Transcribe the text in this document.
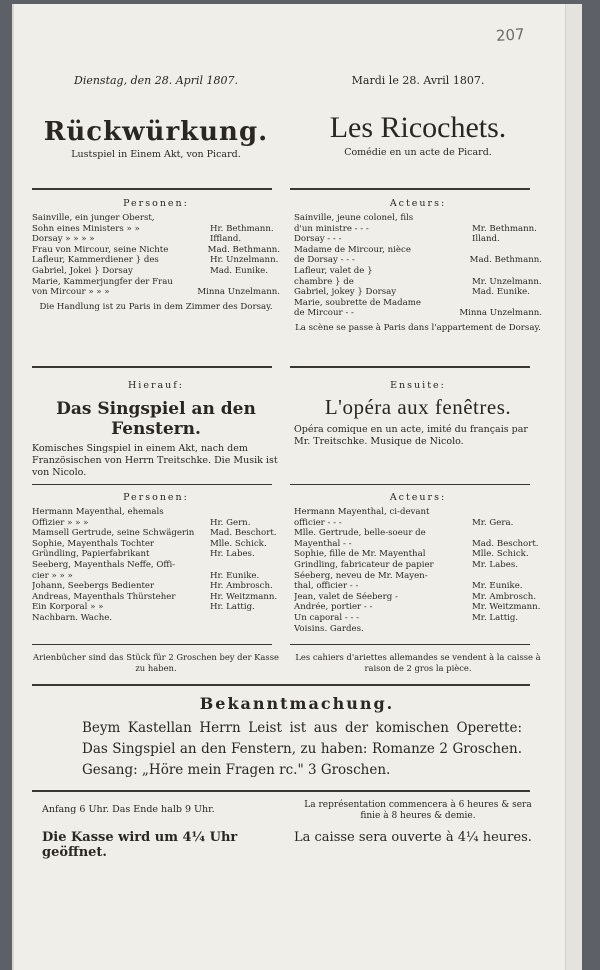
207
Dienstag, den 28. April 1807.
Rückwürkung.
Lustspiel in Einem Akt, von Picard.
Personen:
Sainville, ein junger Oberst,
Sohn eines Ministers » »	Hr. Bethmann.
Dorsay » » » »	Iffland.
Frau von Mircour, seine Nichte	Mad. Bethmann.
Lafleur, Kammerdiener } des	Hr. Unzelmann.
Gabriel, Jokei } Dorsay	Mad. Eunike.
Marie, Kammerjungfer der Frau
von Mircour » » »	Minna Unzelmann.
Die Handlung ist zu Paris in dem Zimmer des Dorsay.
Mardi le 28. Avril 1807.
Les Ricochets.
Comédie en un acte de Picard.
Acteurs:
Sainville, jeune colonel, fils
d'un ministre - - -	Mr. Bethmann.
Dorsay - - -	Illand.
Madame de Mircour, nièce
de Dorsay - - -	Mad. Bethmann.
Lafleur, valet de }
chambre } de	Mr. Unzelmann.
Gabriel, jokey } Dorsay	Mad. Eunike.
Marie, soubrette de Madame
de Mircour - -	Minna Unzelmann.
La scène se passe à Paris dans l'appartement de Dorsay.
Hierauf:
Das Singspiel an den Fenstern.
Komisches Singspiel in einem Akt, nach dem Französischen von Herrn Treitschke. Die Musik ist von Nicolo.
Ensuite:
L'opéra aux fenêtres.
Opéra comique en un acte, imité du français par Mr. Treitschke. Musique de Nicolo.
Personen:
Hermann Mayenthal, ehemals
Offizier » » »	Hr. Gern.
Mamsell Gertrude, seine Schwägerin	Mad. Beschort.
Sophie, Mayenthals Tochter	Mlle. Schick.
Gründling, Papierfabrikant	Hr. Labes.
Seeberg, Mayenthals Neffe, Offi-
cier » » »	Hr. Eunike.
Johann, Seebergs Bedienter	Hr. Ambrosch.
Andreas, Mayenthals Thürsteher	Hr. Weitzmann.
Ein Korporal » »	Hr. Lattig.
Nachbarn. Wache.
Acteurs:
Hermann Mayenthal, ci-devant
officier - - -	Mr. Gera.
Mlle. Gertrude, belle-soeur de
Mayenthal - -	Mad. Beschort.
Sophie, fille de Mr. Mayenthal	Mlle. Schick.
Grindling, fabricateur de papier	Mr. Labes.
Séeberg, neveu de Mr. Mayen-
thal, officier - -	Mr. Eunike.
Jean, valet de Séeberg -	Mr. Ambrosch.
Andrée, portier - -	Mr. Weitzmann.
Un caporal - - -	Mr. Lattig.
Voisins. Gardes.
Arienbücher sind das Stück für 2 Groschen bey der Kasse zu haben.
Les cahiers d'ariettes allemandes se vendent à la caisse à raison de 2 gros la pièce.
Bekanntmachung.
Beym Kastellan Herrn Leist ist aus der komischen Operette: Das Singspiel an den Fenstern, zu haben: Romanze 2 Groschen. Gesang: „Höre mein Fragen rc." 3 Groschen.
Anfang 6 Uhr. Das Ende halb 9 Uhr.	La représentation commencera à 6 heures & sera finie à 8 heures & demie.
Die Kasse wird um 4¼ Uhr geöffnet.
La caisse sera ouverte à 4¼ heures.
